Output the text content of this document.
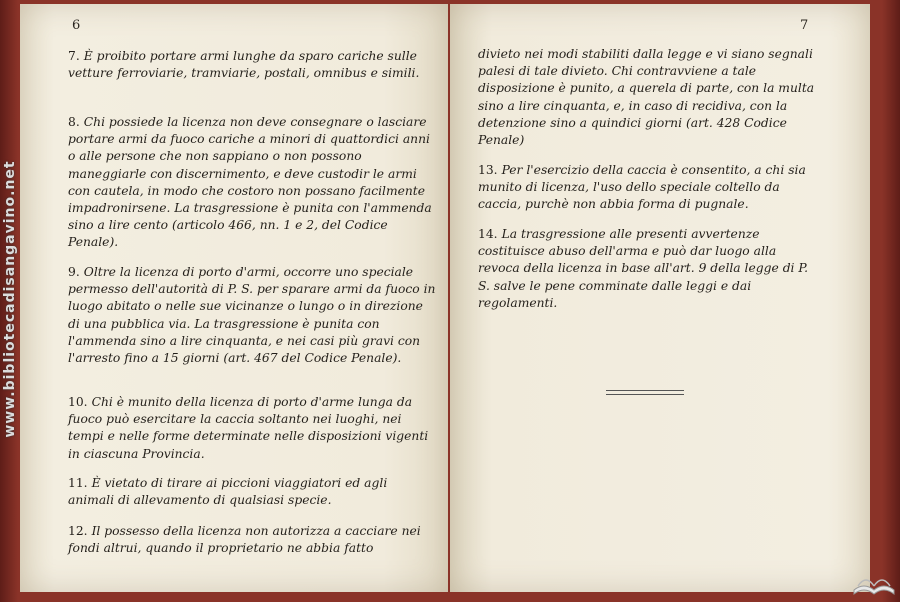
www.bibliotecadisangavino.net
6
7. È proibito portare armi lunghe da sparo cariche sulle vetture ferroviarie, tramviarie, postali, omnibus e simili.
8. Chi possiede la licenza non deve consegnare o lasciare portare armi da fuoco cariche a minori di quattordici anni o alle persone che non sappiano o non possono maneggiarle con discernimento, e deve custodir le armi con cautela, in modo che costoro non possano facilmente impadronirsene. La trasgressione è punita con l'ammenda sino a lire cento (articolo 466, nn. 1 e 2, del Codice Penale).
9. Oltre la licenza di porto d'armi, occorre uno speciale permesso dell'autorità di P. S. per sparare armi da fuoco in luogo abitato o nelle sue vicinanze o lungo o in direzione di una pubblica via. La trasgressione è punita con l'ammenda sino a lire cinquanta, e nei casi più gravi con l'arresto fino a 15 giorni (art. 467 del Codice Penale).
10. Chi è munito della licenza di porto d'arme lunga da fuoco può esercitare la caccia soltanto nei luoghi, nei tempi e nelle forme determinate nelle disposizioni vigenti in ciascuna Provincia.
11. È vietato di tirare ai piccioni viaggiatori ed agli animali di allevamento di qualsiasi specie.
12. Il possesso della licenza non autorizza a cacciare nei fondi altrui, quando il proprietario ne abbia fatto
7
divieto nei modi stabiliti dalla legge e vi siano segnali palesi di tale divieto. Chi contravviene a tale disposizione è punito, a querela di parte, con la multa sino a lire cinquanta, e, in caso di recidiva, con la detenzione sino a quindici giorni (art. 428 Codice Penale)
13. Per l'esercizio della caccia è consentito, a chi sia munito di licenza, l'uso dello speciale coltello da caccia, purchè non abbia forma di pugnale.
14. La trasgressione alle presenti avvertenze costituisce abuso dell'arma e può dar luogo alla revoca della licenza in base all'art. 9 della legge di P. S. salve le pene comminate dalle leggi e dai regolamenti.
